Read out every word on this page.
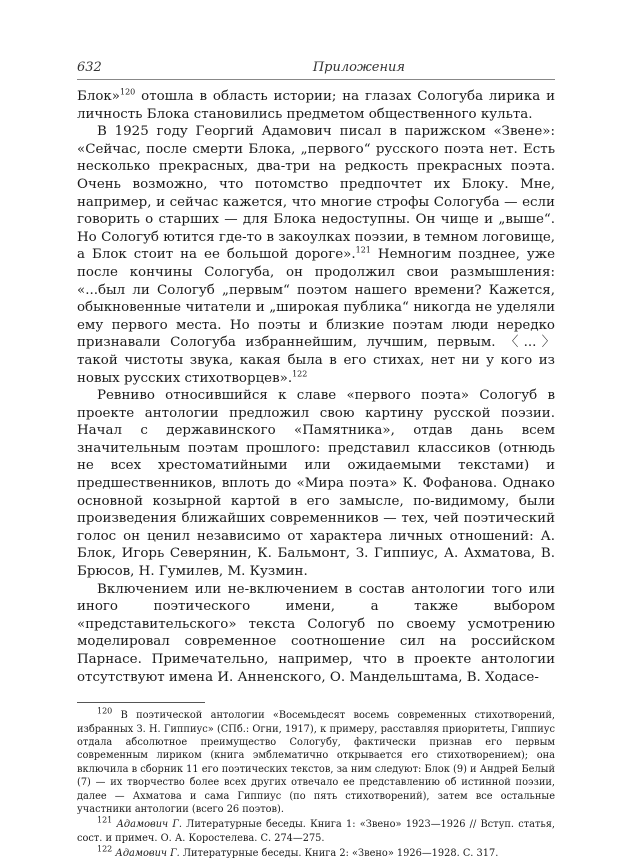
632	Приложения

Блок»$^{120}$ отошла в область истории; на глазах Сологуба лирика и личность Блока становились предметом общественного культа.

В 1925 году Георгий Адамович писал в парижском «Звене»: «Сейчас, после смерти Блока, „первого“ русского поэта нет. Есть несколько прекрасных, два-три на редкость прекрасных поэта. Очень возможно, что потомство предпочтет их Блоку. Мне, например, и сейчас кажется, что многие строфы Сологуба — если говорить о старших — для Блока недоступны. Он чище и „выше“. Но Сологуб ютится где-то в закоулках поэзии, в темном логовище, а Блок стоит на ее большой дороге».$^{121}$ Немногим позднее, уже после кончины Сологуба, он продолжил свои размышления: «...был ли Сологуб „первым“ поэтом нашего времени? Кажется, обыкновенные читатели и „широкая публика“ никогда не уделяли ему первого места. Но поэты и близкие поэтам люди нередко признавали Сологуба избраннейшим, лучшим, первым. 〈...〉 такой чистоты звука, какая была в его стихах, нет ни у кого из новых русских стихотворцев».$^{122}$

Ревниво относившийся к славе «первого поэта» Сологуб в проекте антологии предложил свою картину русской поэзии. Начал с державинского «Памятника», отдав дань всем значительным поэтам прошлого: представил классиков (отнюдь не всех хрестоматийными или ожидаемыми текстами) и предшественников, вплоть до «Мира поэта» К. Фофанова. Однако основной козырной картой в его замысле, по-видимому, были произведения ближайших современников — тех, чей поэтический голос он ценил независимо от характера личных отношений: А. Блок, Игорь Северянин, К. Бальмонт, З. Гиппиус, А. Ахматова, В. Брюсов, Н. Гумилев, М. Кузмин.

Включением или не-включением в состав антологии того или иного поэтического имени, а также выбором «представительского» текста Сологуб по своему усмотрению моделировал современное соотношение сил на российском Парнасе. Примечательно, например, что в проекте антологии отсутствуют имена И. Анненского, О. Мандельштама, В. Ходасе-

$^{120}$ В поэтической антологии «Восемьдесят восемь современных стихотворений, избранных З. Н. Гиппиус» (СПб.: Огни, 1917), к примеру, расставляя приоритеты, Гиппиус отдала абсолютное преимущество Сологубу, фактически признав его первым современным лириком (книга эмблематично открывается его стихотворением); она включила в сборник 11 его поэтических текстов, за ним следуют: Блок (9) и Андрей Белый (7) — их творчество более всех других отвечало ее представлению об истинной поэзии, далее — Ахматова и сама Гиппиус (по пять стихотворений), затем все остальные участники антологии (всего 26 поэтов).

$^{121}$ Адамович Г. Литературные беседы. Книга 1: «Звено» 1923—1926 // Вступ. статья, сост. и примеч. О. А. Коростелева. С. 274—275.

$^{122}$ Адамович Г. Литературные беседы. Книга 2: «Звено» 1926—1928. С. 317.
